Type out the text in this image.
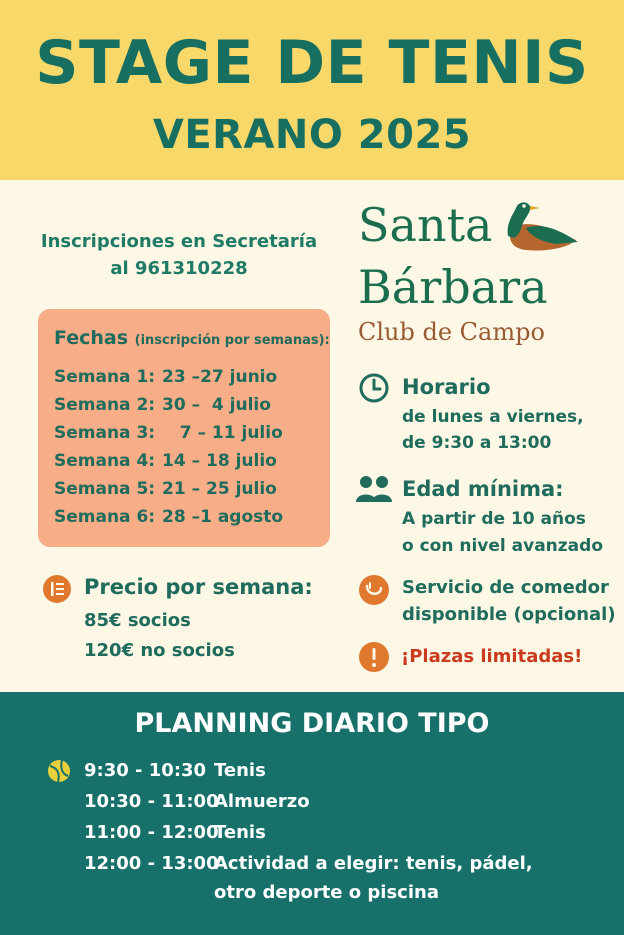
STAGE DE TENIS
VERANO 2025
Inscripciones en Secretaría
al 961310228
Santa
Bárbara
Club de Campo
Fechas (inscripción por semanas):
Semana 1: 23 –27 junio
Semana 2: 30 –  4 julio
Semana 3:   7 – 11 julio
Semana 4: 14 – 18 julio
Semana 5: 21 – 25 julio
Semana 6: 28 –1 agosto
Precio por semana:
85€ socios
120€ no socios
Horario
de lunes a viernes,
de 9:30 a 13:00
Edad mínima:
A partir de 10 años
o con nivel avanzado
Servicio de comedor
disponible (opcional)
¡Plazas limitadas!
PLANNING DIARIO TIPO
9:30 - 10:30 Tenis
10:30 - 11:00Almuerzo
11:00 - 12:00Tenis
12:00 - 13:00Actividad a elegir: tenis, pádel,
otro deporte o piscina
